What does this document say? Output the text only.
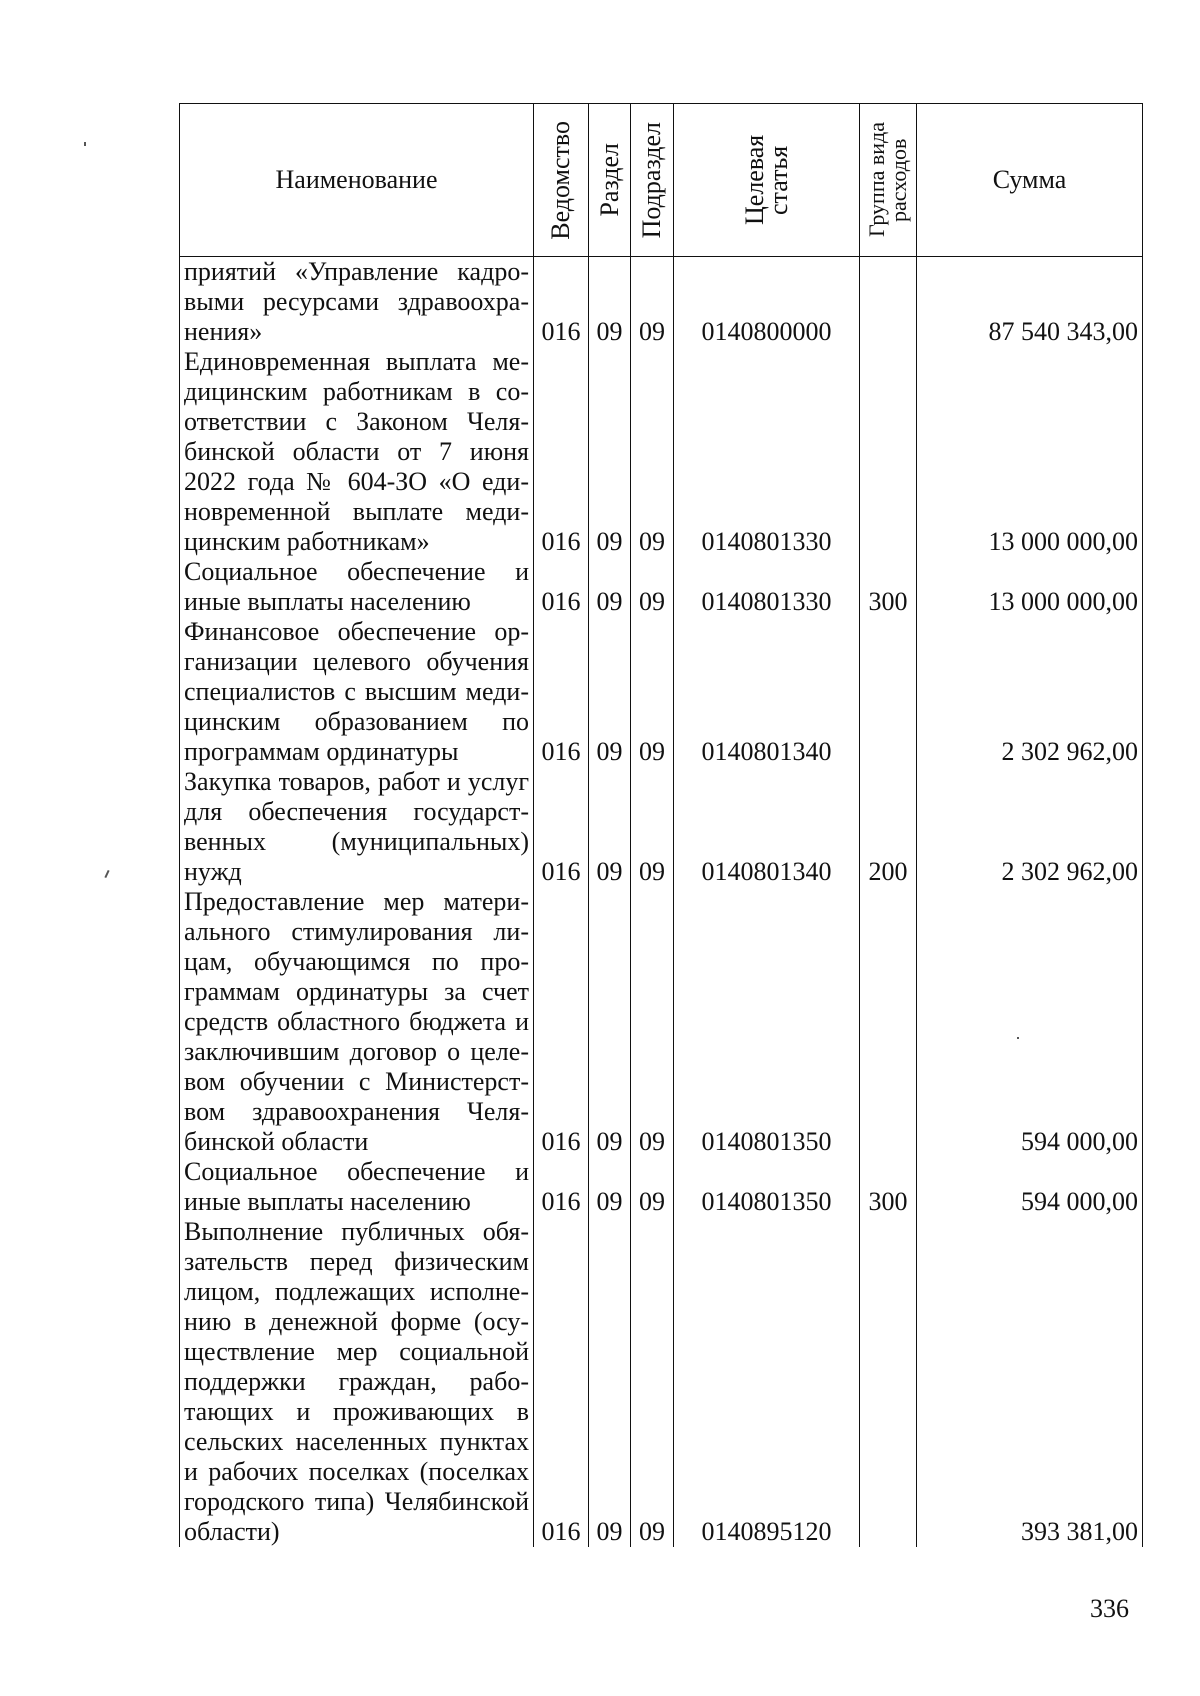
Наименование	Ведомство	Раздел	Подраздел	Целевая статья	Группа вида расходов	Сумма
приятий «Управление кадровыми ресурсами здравоохранения»	016	09	09	0140800000		87 540 343,00
Единовременная выплата медицинским работникам в соответствии с Законом Челябинской области от 7 июня 2022 года № 604-ЗО «О единовременной выплате медицинским работникам»	016	09	09	0140801330		13 000 000,00
Социальное обеспечение и иные выплаты населению	016	09	09	0140801330	300	13 000 000,00
Финансовое обеспечение организации целевого обучения специалистов с высшим медицинским образованием по программам ординатуры	016	09	09	0140801340		2 302 962,00
Закупка товаров, работ и услуг для обеспечения государственных (муниципальных) нужд	016	09	09	0140801340	200	2 302 962,00
Предоставление мер материального стимулирования лицам, обучающимся по программам ординатуры за счет средств областного бюджета и заключившим договор о целевом обучении с Министерством здравоохранения Челябинской области	016	09	09	0140801350		594 000,00
Социальное обеспечение и иные выплаты населению	016	09	09	0140801350	300	594 000,00
Выполнение публичных обязательств перед физическим лицом, подлежащих исполнению в денежной форме (осуществление мер социальной поддержки граждан, работающих и проживающих в сельских населенных пунктах и рабочих поселках (поселках городского типа) Челябинской области)	016	09	09	0140895120		393 381,00
336
